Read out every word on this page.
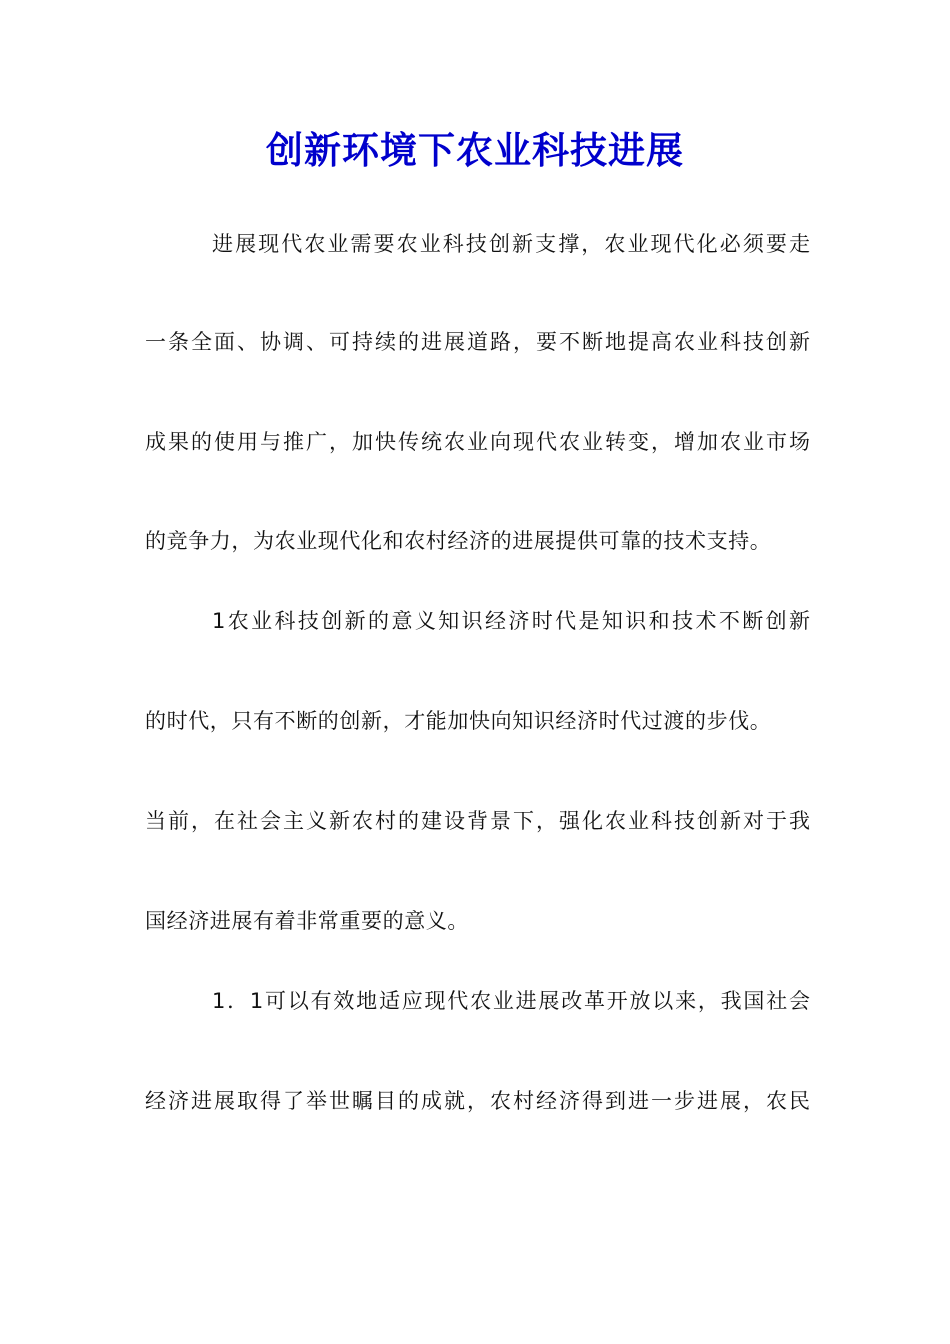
创新环境下农业科技进展
进展现代农业需要农业科技创新支撑，农业现代化必须要走
一条全面、协调、可持续的进展道路，要不断地提高农业科技创新
成果的使用与推广，加快传统农业向现代农业转变，增加农业市场
的竞争力，为农业现代化和农村经济的进展提供可靠的技术支持。
1农业科技创新的意义知识经济时代是知识和技术不断创新
的时代，只有不断的创新，才能加快向知识经济时代过渡的步伐。
当前，在社会主义新农村的建设背景下，强化农业科技创新对于我
国经济进展有着非常重要的意义。
1．1可以有效地适应现代农业进展改革开放以来，我国社会
经济进展取得了举世瞩目的成就，农村经济得到进一步进展，农民
